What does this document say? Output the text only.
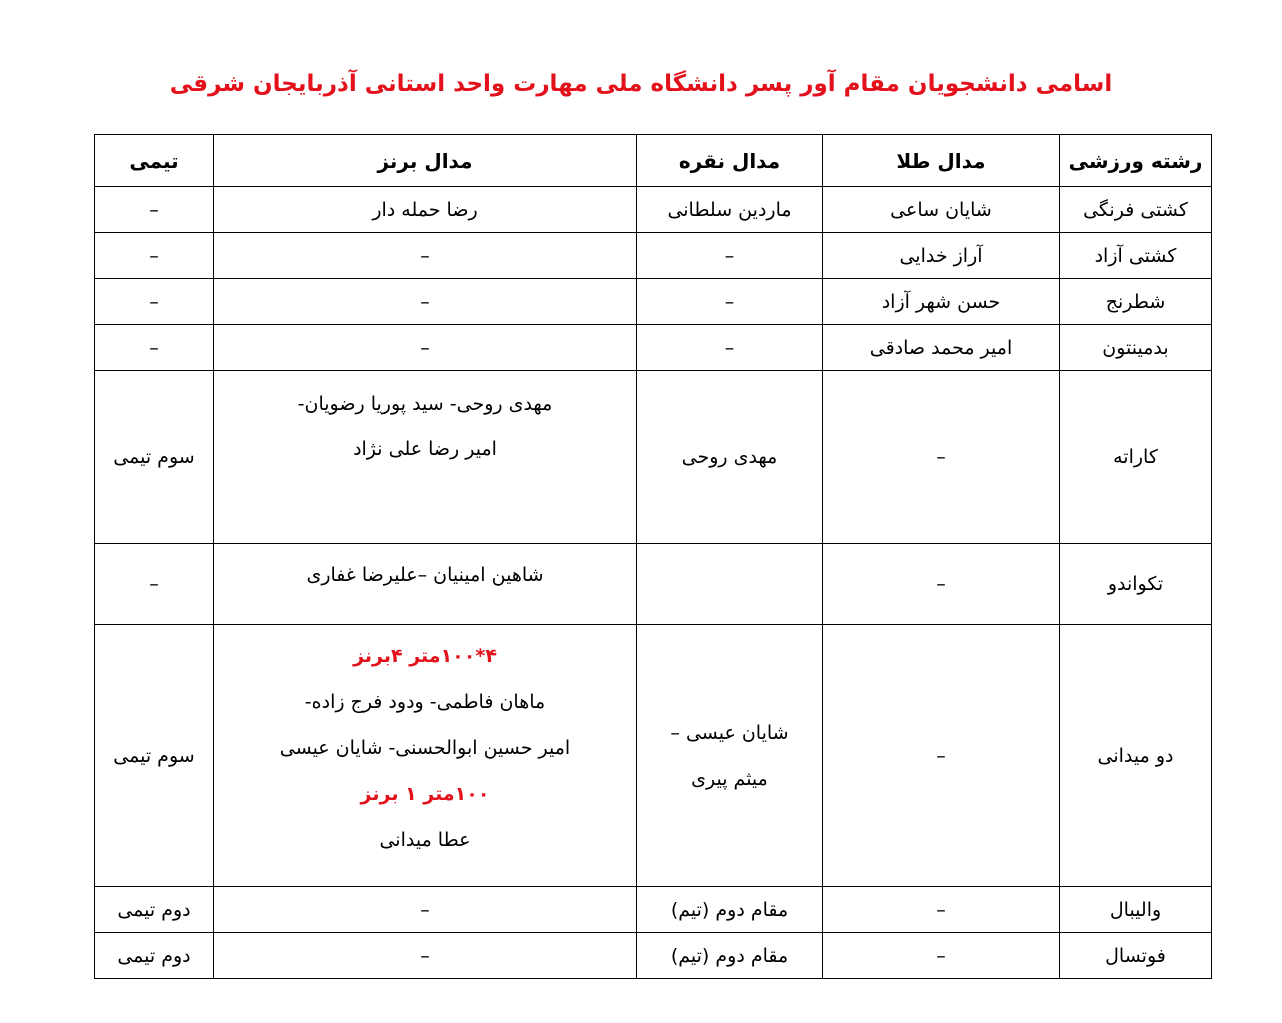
اسامی دانشجویان مقام آور پسر دانشگاه ملی مهارت واحد استانی آذربایجان شرقی
رشته ورزشی	مدال طلا	مدال نقره	مدال برنز	تیمی
کشتی فرنگی	شایان ساعی	ماردین سلطانی	رضا حمله دار	–
کشتی آزاد	آراز خدایی	–	–	–
شطرنج	حسن شهر آزاد	–	–	–
بدمینتون	امیر محمد صادقی	–	–	–
کاراته	–	مهدی روحی	مهدی روحی- سید پوریا رضویان-
امیر رضا علی نژاد	سوم تیمی
تکواندو	–		شاهین امینیان –علیرضا غفاری	–
دو میدانی	–	شایان عیسی –
میثم پیری	۴*۱۰۰متر ۴برنز
ماهان فاطمی- ودود فرج زاده-
امیر حسین ابوالحسنی- شایان عیسی
۱۰۰متر ۱ برنز
عطا میدانی	سوم تیمی
والیبال	–	مقام دوم (تیم)	–	دوم تیمی
فوتسال	–	مقام دوم (تیم)	–	دوم تیمی
